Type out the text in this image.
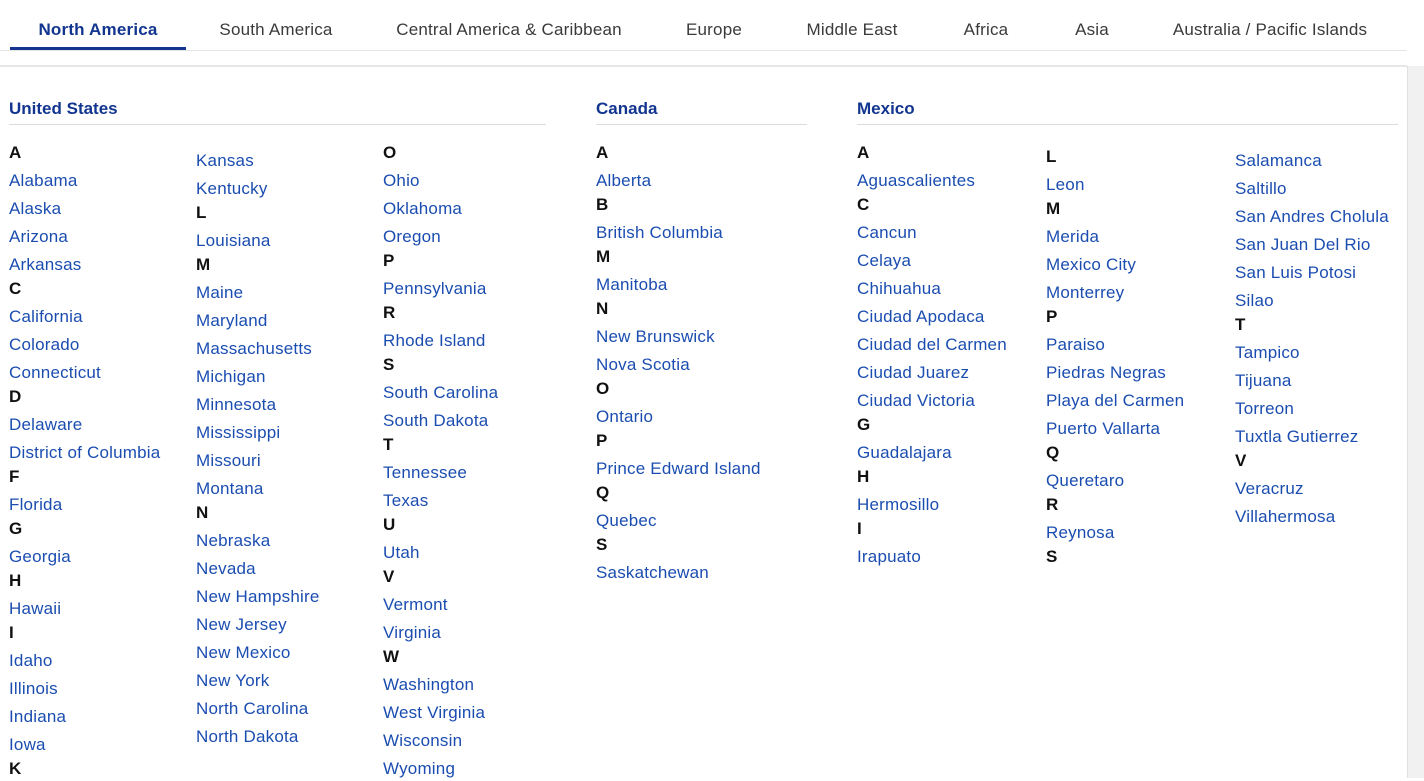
North America	South America	Central America & Caribbean	Europe	Middle East	Africa	Asia	Australia / Pacific Islands
United States
A
Alabama
Alaska
Arizona
Arkansas
C
California
Colorado
Connecticut
D
Delaware
District of Columbia
F
Florida
G
Georgia
H
Hawaii
I
Idaho
Illinois
Indiana
Iowa
K
Kansas
Kentucky
L
Louisiana
M
Maine
Maryland
Massachusetts
Michigan
Minnesota
Mississippi
Missouri
Montana
N
Nebraska
Nevada
New Hampshire
New Jersey
New Mexico
New York
North Carolina
North Dakota
O
Ohio
Oklahoma
Oregon
P
Pennsylvania
R
Rhode Island
S
South Carolina
South Dakota
T
Tennessee
Texas
U
Utah
V
Vermont
Virginia
W
Washington
West Virginia
Wisconsin
Wyoming
Canada
A
Alberta
B
British Columbia
M
Manitoba
N
New Brunswick
Nova Scotia
O
Ontario
P
Prince Edward Island
Q
Quebec
S
Saskatchewan
Mexico
A
Aguascalientes
C
Cancun
Celaya
Chihuahua
Ciudad Apodaca
Ciudad del Carmen
Ciudad Juarez
Ciudad Victoria
G
Guadalajara
H
Hermosillo
I
Irapuato
L
Leon
M
Merida
Mexico City
Monterrey
P
Paraiso
Piedras Negras
Playa del Carmen
Puerto Vallarta
Q
Queretaro
R
Reynosa
S
Salamanca
Saltillo
San Andres Cholula
San Juan Del Rio
San Luis Potosi
Silao
T
Tampico
Tijuana
Torreon
Tuxtla Gutierrez
V
Veracruz
Villahermosa
